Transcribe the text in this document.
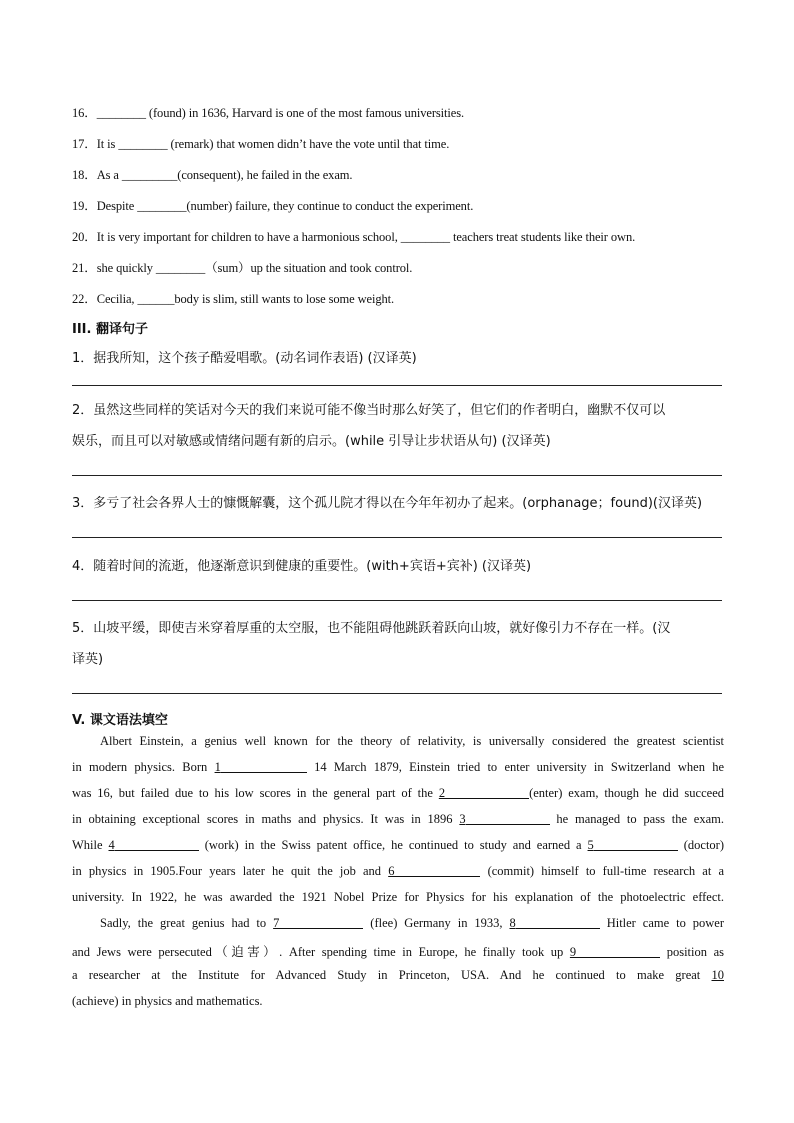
16．________ (found) in 1636, Harvard is one of the most famous universities.
17．It is ________ (remark) that women didn’t have the vote until that time.
18．As a _________(consequent), he failed in the exam.
19．Despite ________(number) failure, they continue to conduct the experiment.
20．It is very important for children to have a harmonious school, ________ teachers treat students like their own.
21．she quickly ________（sum）up the situation and took control.
22．Cecilia, ______body is slim, still wants to lose some weight.
III. 翻译句子
1．据我所知，这个孩子酷爱唱歌。(动名词作表语) (汉译英)
2．虽然这些同样的笑话对今天的我们来说可能不像当时那么好笑了，但它们的作者明白，幽默不仅可以
娱乐，而且可以对敏感或情绪问题有新的启示。(while 引导让步状语从句) (汉译英)
3．多亏了社会各界人士的慷慨解囊，这个孤儿院才得以在今年年初办了起来。(orphanage；found)(汉译英)
4．随着时间的流逝，他逐渐意识到健康的重要性。(with+宾语+宾补) (汉译英)
5．山坡平缓，即使吉米穿着厚重的太空服，也不能阻碍他跳跃着跃向山坡，就好像引力不存在一样。(汉
译英)
V. 课文语法填空
Albert Einstein, a genius well known for the theory of relativity, is universally considered the greatest scientist
in modern physics. Born 1	14 March 1879, Einstein tried to enter university in Switzerland when he
was 16, but failed due to his low scores in the general part of the 2	(enter) exam, though he did succeed
in obtaining exceptional scores in maths and physics. It was in 1896 3	he managed to pass the exam.
While 4	(work) in the Swiss patent office, he continued to study and earned a 5	(doctor)
in physics in 1905.Four years later he quit the job and 6	(commit) himself to full-time research at a
university. In 1922, he was awarded the 1921 Nobel Prize for Physics for his explanation of the photoelectric effect.
Sadly, the great genius had to 7	(flee) Germany in 1933, 8	Hitler came to power
and Jews were persecuted（迫害）. After spending time in Europe, he finally took up 9	position as
a researcher at the Institute for Advanced Study in Princeton, USA. And he continued to make great 10
(achieve) in physics and mathematics.
